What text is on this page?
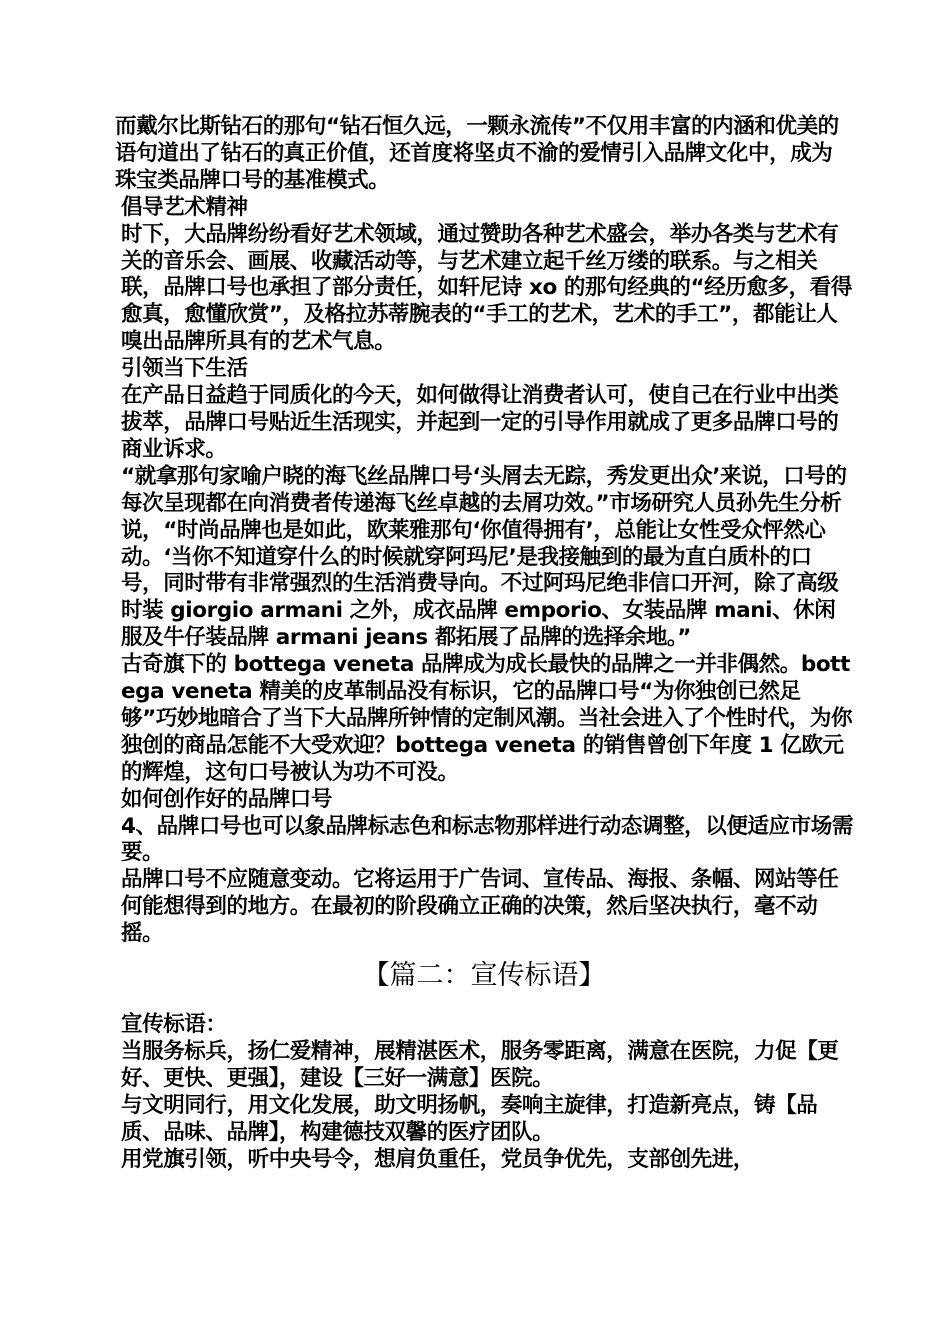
而戴尔比斯钻石的那句“钻石恒久远，一颗永流传”不仅用丰富的内涵和优美的语句道出了钻石的真正价值，还首度将坚贞不渝的爱情引入品牌文化中，成为珠宝类品牌口号的基准模式。

倡导艺术精神

时下，大品牌纷纷看好艺术领域，通过赞助各种艺术盛会，举办各类与艺术有关的音乐会、画展、收藏活动等，与艺术建立起千丝万缕的联系。与之相关联，品牌口号也承担了部分责任，如轩尼诗 xo 的那句经典的“经历愈多，看得愈真，愈懂欣赏”，及格拉苏蒂腕表的“手工的艺术，艺术的手工”，都能让人嗅出品牌所具有的艺术气息。

引领当下生活

在产品日益趋于同质化的今天，如何做得让消费者认可，使自己在行业中出类拔萃，品牌口号贴近生活现实，并起到一定的引导作用就成了更多品牌口号的商业诉求。

“就拿那句家喻户晓的海飞丝品牌口号‘头屑去无踪，秀发更出众’来说，口号的每次呈现都在向消费者传递海飞丝卓越的去屑功效。”市场研究人员孙先生分析说，“时尚品牌也是如此，欧莱雅那句‘你值得拥有’，总能让女性受众怦然心动。‘当你不知道穿什么的时候就穿阿玛尼’是我接触到的最为直白质朴的口号，同时带有非常强烈的生活消费导向。不过阿玛尼绝非信口开河，除了高级时装 giorgio armani 之外，成衣品牌 emporio、女装品牌 mani、休闲服及牛仔装品牌 armani jeans 都拓展了品牌的选择余地。”

古奇旗下的 bottega veneta 品牌成为成长最快的品牌之一并非偶然。bottega veneta 精美的皮革制品没有标识，它的品牌口号“为你独创已然足够”巧妙地暗合了当下大品牌所钟情的定制风潮。当社会进入了个性时代，为你独创的商品怎能不大受欢迎？bottega veneta 的销售曾创下年度 1 亿欧元的辉煌，这句口号被认为功不可没。

如何创作好的品牌口号

4、品牌口号也可以象品牌标志色和标志物那样进行动态调整，以便适应市场需要。

品牌口号不应随意变动。它将运用于广告词、宣传品、海报、条幅、网站等任何能想得到的地方。在最初的阶段确立正确的决策，然后坚决执行，毫不动摇。

【篇二：宣传标语】

宣传标语：

当服务标兵，扬仁爱精神，展精湛医术，服务零距离，满意在医院，力促【更好、更快、更强】，建设【三好一满意】医院。

与文明同行，用文化发展，助文明扬帆，奏响主旋律，打造新亮点，铸【品质、品味、品牌】，构建德技双馨的医疗团队。

用党旗引领，听中央号令，想肩负重任，党员争优先，支部创先进，
